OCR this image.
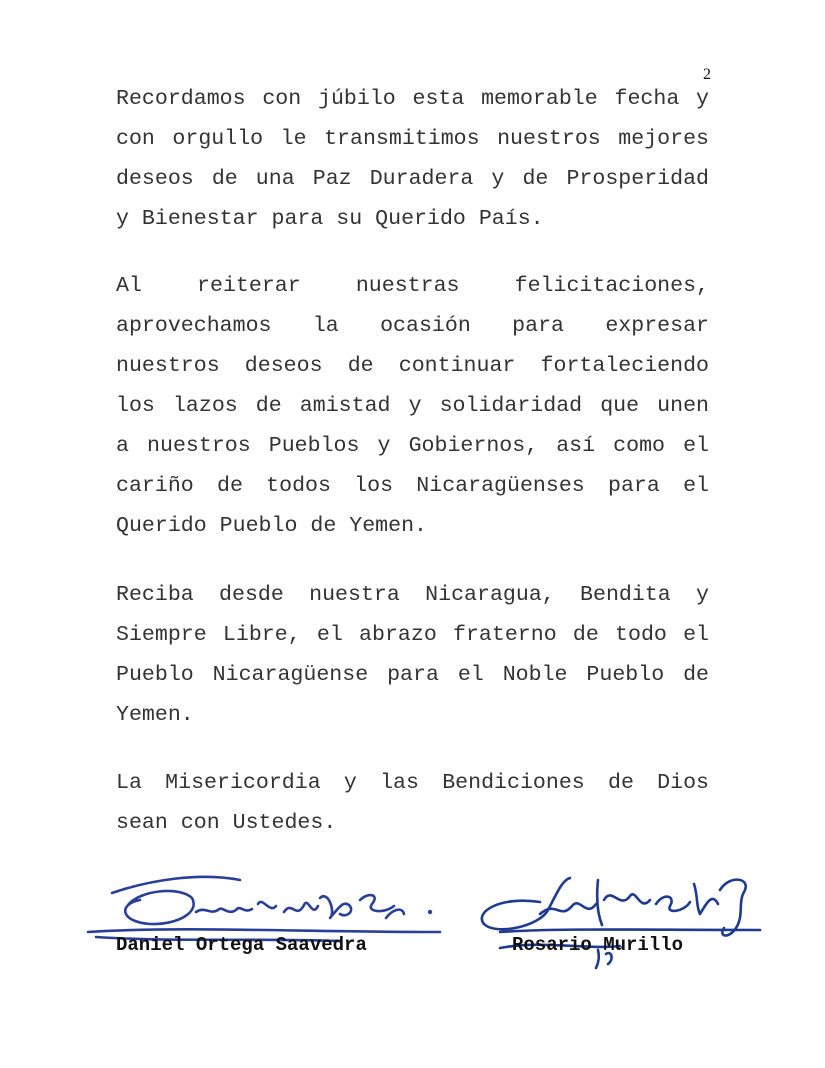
2

Recordamos con júbilo esta memorable fecha y
con orgullo le transmitimos nuestros mejores
deseos de una Paz Duradera y de Prosperidad
y Bienestar para su Querido País.

Al reiterar nuestras felicitaciones,
aprovechamos la ocasión para expresar
nuestros deseos de continuar fortaleciendo
los lazos de amistad y solidaridad que unen
a nuestros Pueblos y Gobiernos, así como el
cariño de todos los Nicaragüenses para el
Querido Pueblo de Yemen.

Reciba desde nuestra Nicaragua, Bendita y
Siempre Libre, el abrazo fraterno de todo el
Pueblo Nicaragüense para el Noble Pueblo de
Yemen.

La Misericordia y las Bendiciones de Dios
sean con Ustedes.

Daniel Ortega Saavedra	Rosario Murillo
